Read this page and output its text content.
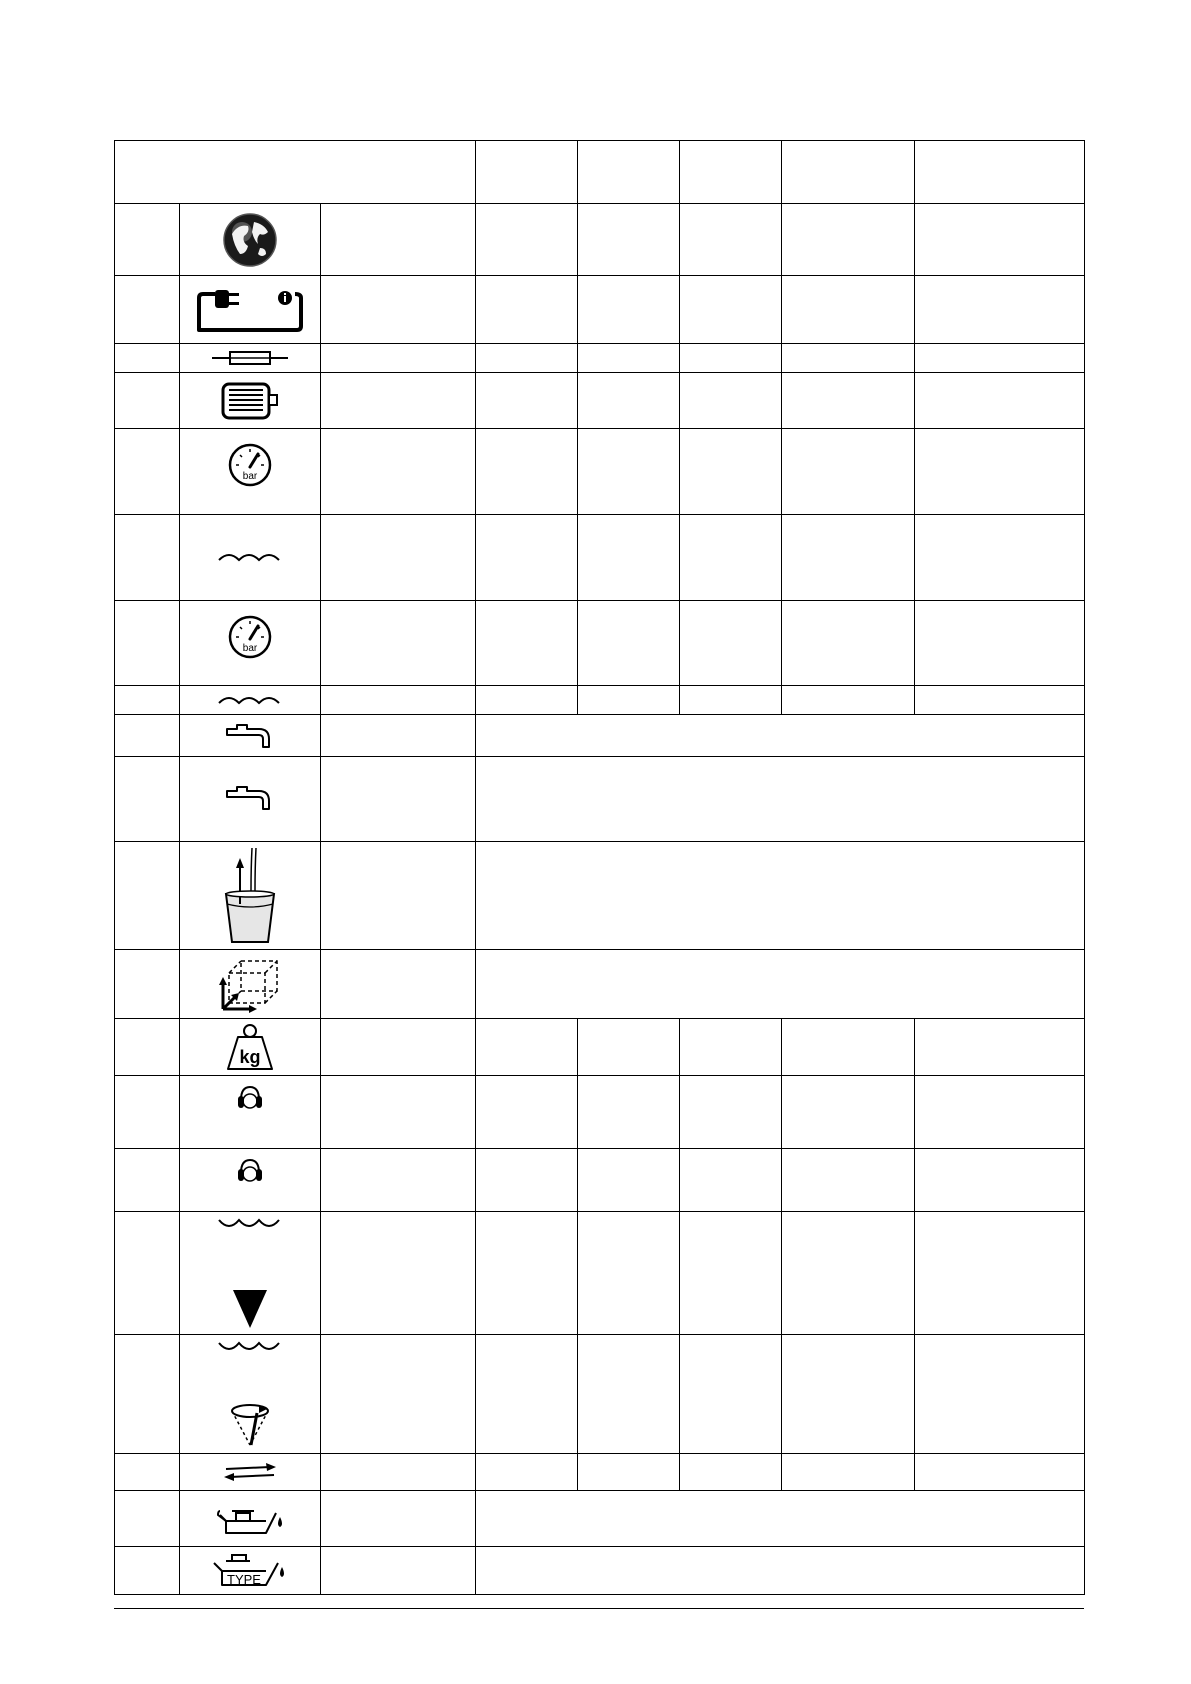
bar						

bar						

kg						

TYPE						
